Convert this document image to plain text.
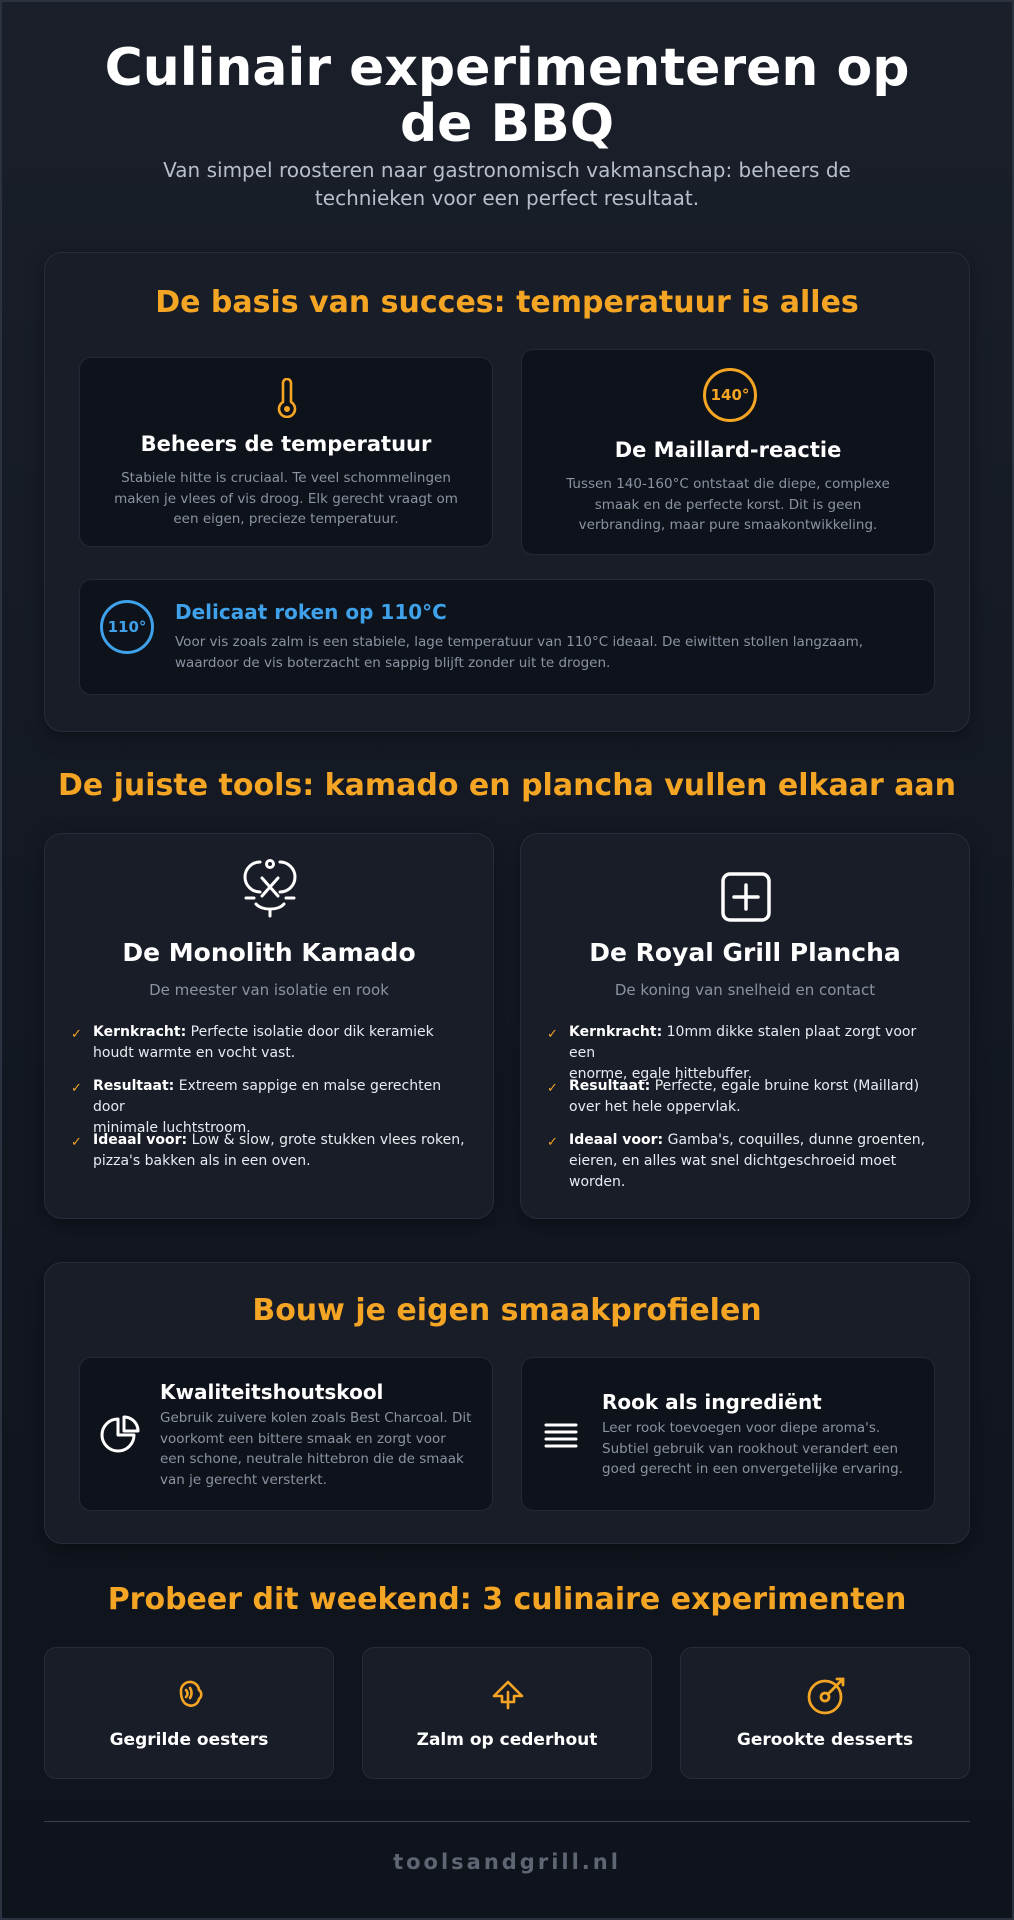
Culinair experimenteren op de BBQ
Van simpel roosteren naar gastronomisch vakmanschap: beheers de technieken voor een perfect resultaat.
De basis van succes: temperatuur is alles
Beheers de temperatuur
Stabiele hitte is cruciaal. Te veel schommelingen maken je vlees of vis droog. Elk gerecht vraagt om een eigen, precieze temperatuur.
140°
De Maillard-reactie
Tussen 140-160°C ontstaat die diepe, complexe smaak en de perfecte korst. Dit is geen verbranding, maar pure smaakontwikkeling.
110°
Delicaat roken op 110°C
Voor vis zoals zalm is een stabiele, lage temperatuur van 110°C ideaal. De eiwitten stollen langzaam, waardoor de vis boterzacht en sappig blijft zonder uit te drogen.
De juiste tools: kamado en plancha vullen elkaar aan
De Monolith Kamado
De meester van isolatie en rook
✓ Kernkracht: Perfecte isolatie door dik keramiek
houdt warmte en vocht vast.
✓ Resultaat: Extreem sappige en malse gerechten door
minimale luchtstroom.
✓ Ideaal voor: Low & slow, grote stukken vlees roken,
pizza's bakken als in een oven.
De Royal Grill Plancha
De koning van snelheid en contact
✓ Kernkracht: 10mm dikke stalen plaat zorgt voor een
enorme, egale hittebuffer.
✓ Resultaat: Perfecte, egale bruine korst (Maillard)
over het hele oppervlak.
✓ Ideaal voor: Gamba's, coquilles, dunne groenten,
eieren, en alles wat snel dichtgeschroeid moet
worden.
Bouw je eigen smaakprofielen
Kwaliteitshoutskool
Gebruik zuivere kolen zoals Best Charcoal. Dit voorkomt een bittere smaak en zorgt voor een schone, neutrale hittebron die de smaak van je gerecht versterkt.
Rook als ingrediënt
Leer rook toevoegen voor diepe aroma's. Subtiel gebruik van rookhout verandert een goed gerecht in een onvergetelijke ervaring.
Probeer dit weekend: 3 culinaire experimenten
Gegrilde oesters	Zalm op cederhout	Gerookte desserts
toolsandgrill.nl
